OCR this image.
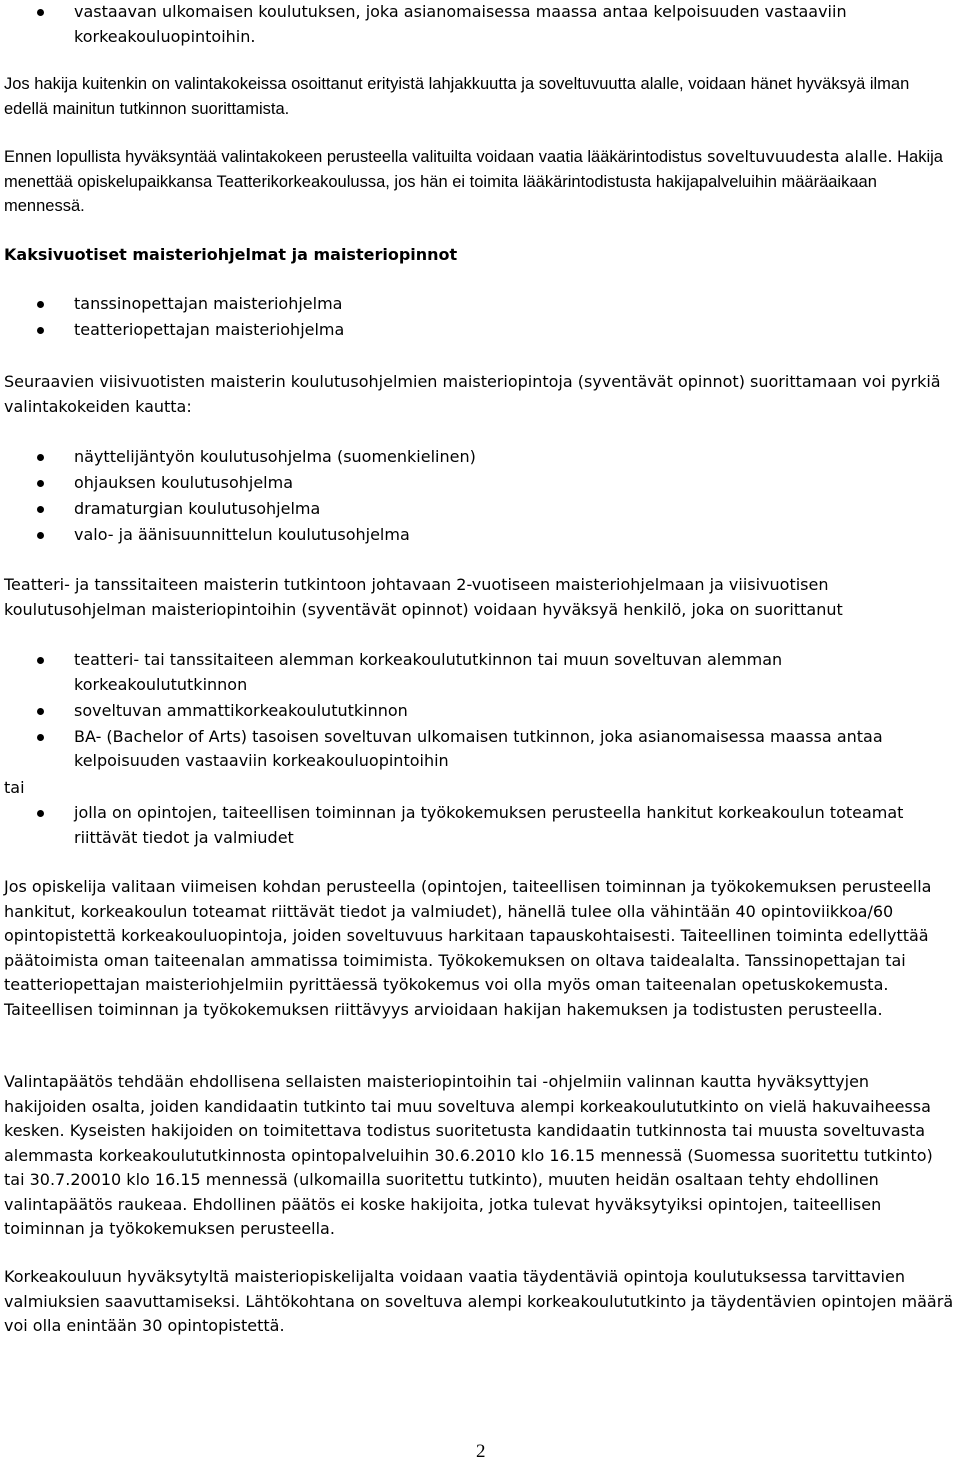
vastaavan ulkomaisen koulutuksen, joka asianomaisessa maassa antaa kelpoisuuden vastaaviin korkeakouluopintoihin.

Jos hakija kuitenkin on valintakokeissa osoittanut erityistä lahjakkuutta ja soveltuvuutta alalle, voidaan hänet hyväksyä ilman edellä mainitun tutkinnon suorittamista.

Ennen lopullista hyväksyntää valintakokeen perusteella valituilta voidaan vaatia lääkärintodistus soveltuvuudesta alalle. Hakija menettää opiskelupaikkansa Teatterikorkeakoulussa, jos hän ei toimita lääkärintodistusta hakijapalveluihin määräaikaan mennessä.

Kaksivuotiset maisteriohjelmat ja maisteriopinnot

tanssinopettajan maisteriohjelma
teatteriopettajan maisteriohjelma

Seuraavien viisivuotisten maisterin koulutusohjelmien maisteriopintoja (syventävät opinnot) suorittamaan voi pyrkiä valintakokeiden kautta:

näyttelijäntyön koulutusohjelma (suomenkielinen)
ohjauksen koulutusohjelma
dramaturgian koulutusohjelma
valo- ja äänisuunnittelun koulutusohjelma

Teatteri- ja tanssitaiteen maisterin tutkintoon johtavaan 2-vuotiseen maisteriohjelmaan ja viisivuotisen koulutusohjelman maisteriopintoihin (syventävät opinnot) voidaan hyväksyä henkilö, joka on suorittanut

teatteri- tai tanssitaiteen alemman korkeakoulututkinnon tai muun soveltuvan alemman korkeakoulututkinnon
soveltuvan ammattikorkeakoulututkinnon
BA- (Bachelor of Arts) tasoisen soveltuvan ulkomaisen tutkinnon, joka asianomaisessa maassa antaa kelpoisuuden vastaaviin korkeakouluopintoihin

tai

jolla on opintojen, taiteellisen toiminnan ja työkokemuksen perusteella hankitut korkeakoulun toteamat riittävät tiedot ja valmiudet

Jos opiskelija valitaan viimeisen kohdan perusteella (opintojen, taiteellisen toiminnan ja työkokemuksen perusteella hankitut, korkeakoulun toteamat riittävät tiedot ja valmiudet), hänellä tulee olla vähintään 40 opintoviikkoa/60 opintopistettä korkeakouluopintoja, joiden soveltuvuus harkitaan tapauskohtaisesti. Taiteellinen toiminta edellyttää päätoimista oman taiteenalan ammatissa toimimista. Työkokemuksen on oltava taidealalta. Tanssinopettajan tai teatteriopettajan maisteriohjelmiin pyrittäessä työkokemus voi olla myös oman taiteenalan opetuskokemusta. Taiteellisen toiminnan ja työkokemuksen riittävyys arvioidaan hakijan hakemuksen ja todistusten perusteella.

Valintapäätös tehdään ehdollisena sellaisten maisteriopintoihin tai -ohjelmiin valinnan kautta hyväksyttyjen hakijoiden osalta, joiden kandidaatin tutkinto tai muu soveltuva alempi korkeakoulututkinto on vielä hakuvaiheessa kesken. Kyseisten hakijoiden on toimitettava todistus suoritetusta kandidaatin tutkinnosta tai muusta soveltuvasta alemmasta korkeakoulututkinnosta opintopalveluihin 30.6.2010 klo 16.15 mennessä (Suomessa suoritettu tutkinto) tai 30.7.20010 klo 16.15 mennessä (ulkomailla suoritettu tutkinto), muuten heidän osaltaan tehty ehdollinen valintapäätös raukeaa. Ehdollinen päätös ei koske hakijoita, jotka tulevat hyväksytyiksi opintojen, taiteellisen toiminnan ja työkokemuksen perusteella.

Korkeakouluun hyväksytyltä maisteriopiskelijalta voidaan vaatia täydentäviä opintoja koulutuksessa tarvittavien valmiuksien saavuttamiseksi. Lähtökohtana on soveltuva alempi korkeakoulututkinto ja täydentävien opintojen määrä voi olla enintään 30 opintopistettä.

2
